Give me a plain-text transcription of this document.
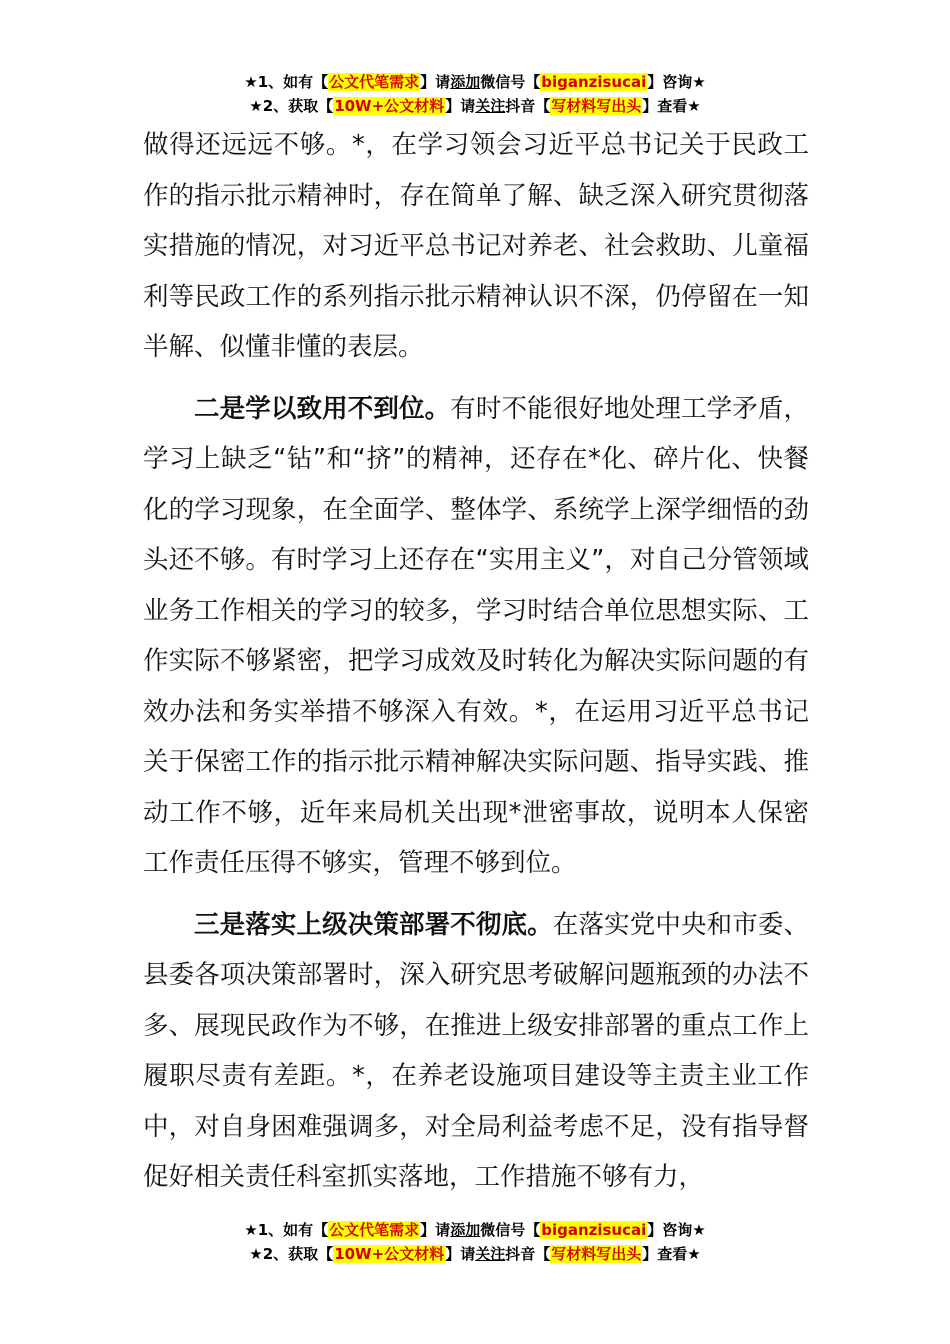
★1、如有【公文代笔需求】请添加微信号【biganzisucai】咨询★
★2、获取【10W+公文材料】请关注抖音【写材料写出头】查看★

做得还远远不够。*，在学习领会习近平总书记关于民政工作的指示批示精神时，存在简单了解、缺乏深入研究贯彻落实措施的情况，对习近平总书记对养老、社会救助、儿童福利等民政工作的系列指示批示精神认识不深，仍停留在一知半解、似懂非懂的表层。

二是学以致用不到位。有时不能很好地处理工学矛盾，学习上缺乏“钻”和“挤”的精神，还存在*化、碎片化、快餐化的学习现象，在全面学、整体学、系统学上深学细悟的劲头还不够。有时学习上还存在“实用主义”，对自己分管领域业务工作相关的学习的较多，学习时结合单位思想实际、工作实际不够紧密，把学习成效及时转化为解决实际问题的有效办法和务实举措不够深入有效。*，在运用习近平总书记关于保密工作的指示批示精神解决实际问题、指导实践、推动工作不够，近年来局机关出现*泄密事故，说明本人保密工作责任压得不够实，管理不够到位。

三是落实上级决策部署不彻底。在落实党中央和市委、县委各项决策部署时，深入研究思考破解问题瓶颈的办法不多、展现民政作为不够，在推进上级安排部署的重点工作上履职尽责有差距。*，在养老设施项目建设等主责主业工作中，对自身困难强调多，对全局利益考虑不足，没有指导督促好相关责任科室抓实落地，工作措施不够有力，

★1、如有【公文代笔需求】请添加微信号【biganzisucai】咨询★
★2、获取【10W+公文材料】请关注抖音【写材料写出头】查看★
